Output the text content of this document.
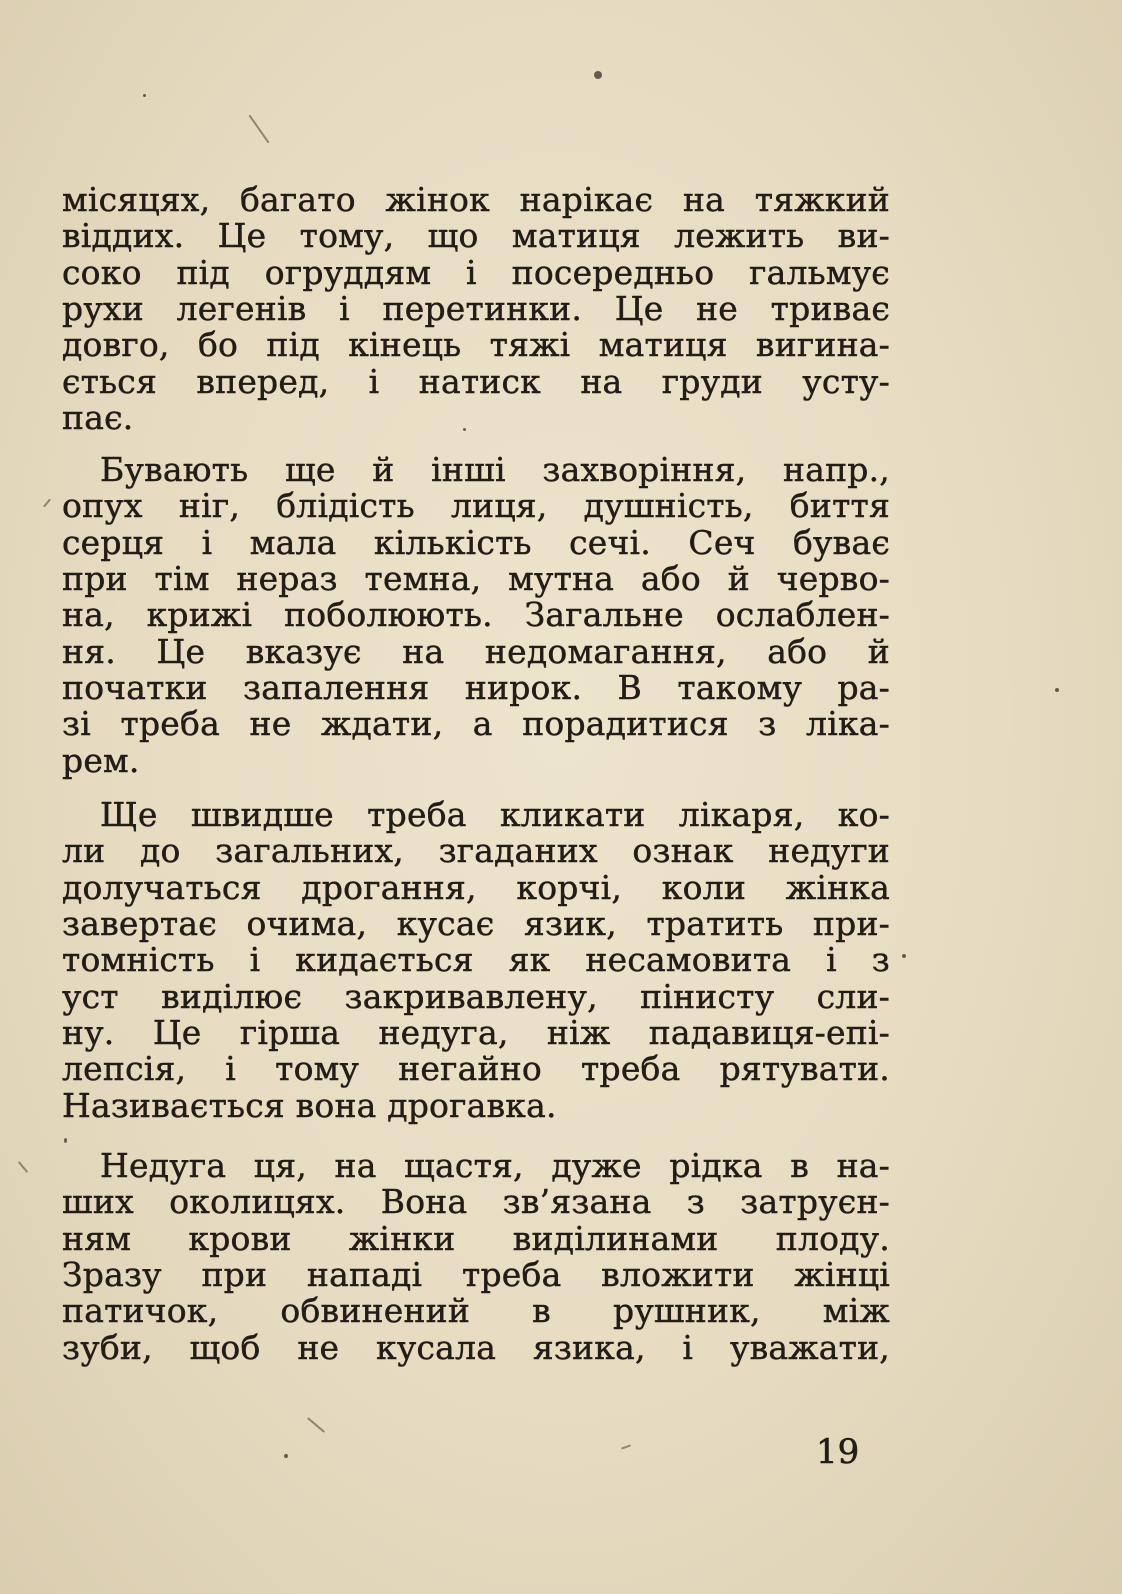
місяцях, багато жінок нарікає на тяжкий
віддих. Це тому, що матиця лежить ви-
соко під огруддям і посередньо гальмує
рухи легенів і перетинки. Це не триває
довго, бо під кінець тяжі матиця вигина-
ється вперед, і натиск на груди усту-
пає.
Бувають ще й інші захворіння, напр.,
опух ніг, блідість лиця, душність, биття
серця і мала кількість сечі. Сеч буває
при тім нераз темна, мутна або й черво-
на, крижі поболюють. Загальне ослаблен-
ня. Це вказує на недомагання, або й
початки запалення нирок. В такому ра-
зі треба не ждати, а порадитися з ліка-
рем.
Ще швидше треба кликати лікаря, ко-
ли до загальних, згаданих ознак недуги
долучаться дрогання, корчі, коли жінка
завертає очима, кусає язик, тратить при-
томність і кидається як несамовита і з
уст виділює закривавлену, пінисту сли-
ну. Це гірша недуга, ніж падавиця-епі-
лепсія, і тому негайно треба рятувати.
Називається вона дрогавка.
Недуга ця, на щастя, дуже рідка в на-
ших околицях. Вона зв’язана з затруєн-
ням крови жінки виділинами плоду.
Зразу при нападі треба вложити жінці
патичок, обвинений в рушник, між
зуби, щоб не кусала язика, і уважати,
19
